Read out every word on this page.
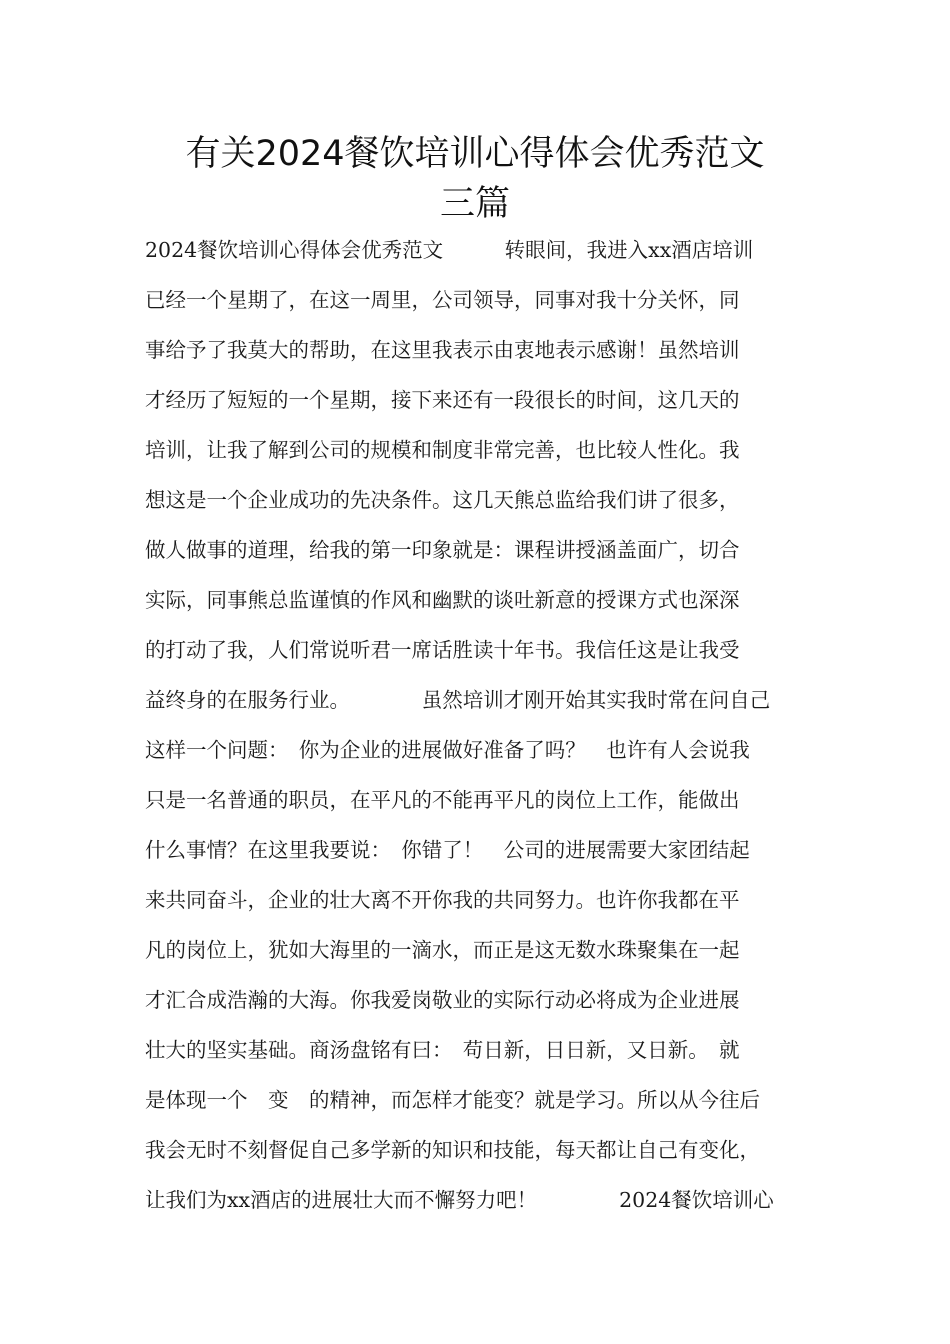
有关2024餐饮培训心得体会优秀范文
三篇

2024餐饮培训心得体会优秀范文　　　转眼间，我进入xx酒店培训

已经一个星期了，在这一周里，公司领导，同事对我十分关怀，同

事给予了我莫大的帮助，在这里我表示由衷地表示感谢！虽然培训

才经历了短短的一个星期，接下来还有一段很长的时间，这几天的

培训，让我了解到公司的规模和制度非常完善，也比较人性化。我

想这是一个企业成功的先决条件。这几天熊总监给我们讲了很多，

做人做事的道理，给我的第一印象就是：课程讲授涵盖面广，切合

实际，同事熊总监谨慎的作风和幽默的谈吐新意的授课方式也深深

的打动了我，人们常说听君一席话胜读十年书。我信任这是让我受

益终身的在服务行业。　　　　虽然培训才刚开始其实我时常在问自己

这样一个问题：　你为企业的进展做好准备了吗？　也许有人会说我

只是一名普通的职员，在平凡的不能再平凡的岗位上工作，能做出

什么事情？在这里我要说：　你错了！　公司的进展需要大家团结起

来共同奋斗，企业的壮大离不开你我的共同努力。也许你我都在平

凡的岗位上，犹如大海里的一滴水，而正是这无数水珠聚集在一起

才汇合成浩瀚的大海。你我爱岗敬业的实际行动必将成为企业进展

壮大的坚实基础。商汤盘铭有曰：　苟日新，日日新，又日新。　就

是体现一个　变　的精神，而怎样才能变？就是学习。所以从今往后

我会无时不刻督促自己多学新的知识和技能，每天都让自己有变化，

让我们为xx酒店的进展壮大而不懈努力吧！　　　　2024餐饮培训心
